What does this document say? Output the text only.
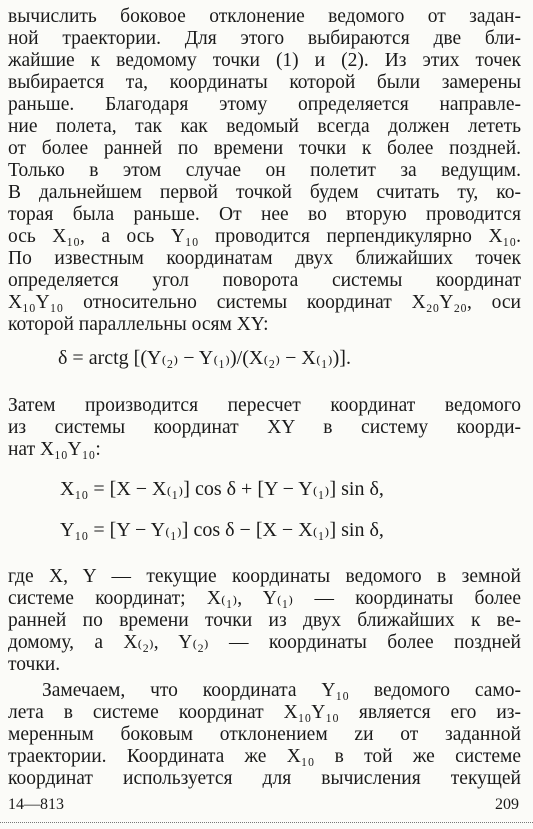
вычислить боковое отклонение ведомого от задан-
ной траектории. Для этого выбираются две бли-
жайшие к ведомому точки (1) и (2). Из этих точек
выбирается та, координаты которой были замерены
раньше. Благодаря этому определяется направле-
ние полета, так как ведомый всегда должен лететь
от более ранней по времени точки к более поздней.
Только в этом случае он полетит за ведущим.
В дальнейшем первой точкой будем считать ту, ко-
торая была раньше. От нее во вторую проводится
ось X₁₀, а ось Y₁₀ проводится перпендикулярно X₁₀.
По известным координатам двух ближайших точек
определяется угол поворота системы координат
X₁₀Y₁₀ относительно системы координат X₂₀Y₂₀, оси
которой параллельны осям XY:
δ = arctg [(Y₍₂₎ − Y₍₁₎)/(X₍₂₎ − X₍₁₎)].
Затем производится пересчет координат ведомого
из системы координат XY в систему коорди-
нат X₁₀Y₁₀:
X₁₀ = [X − X₍₁₎] cos δ + [Y − Y₍₁₎] sin δ,
Y₁₀ = [Y − Y₍₁₎] cos δ − [X − X₍₁₎] sin δ,
где X, Y — текущие координаты ведомого в земной
системе координат; X₍₁₎, Y₍₁₎ — координаты более
ранней по времени точки из двух ближайших к ве-
домому, а X₍₂₎, Y₍₂₎ — координаты более поздней
точки.
Замечаем, что координата Y₁₀ ведомого само-
лета в системе координат X₁₀Y₁₀ является его из-
меренным боковым отклонением zи от заданной
траектории. Координата же X₁₀ в той же системе
координат используется для вычисления текущей
14—813	209
